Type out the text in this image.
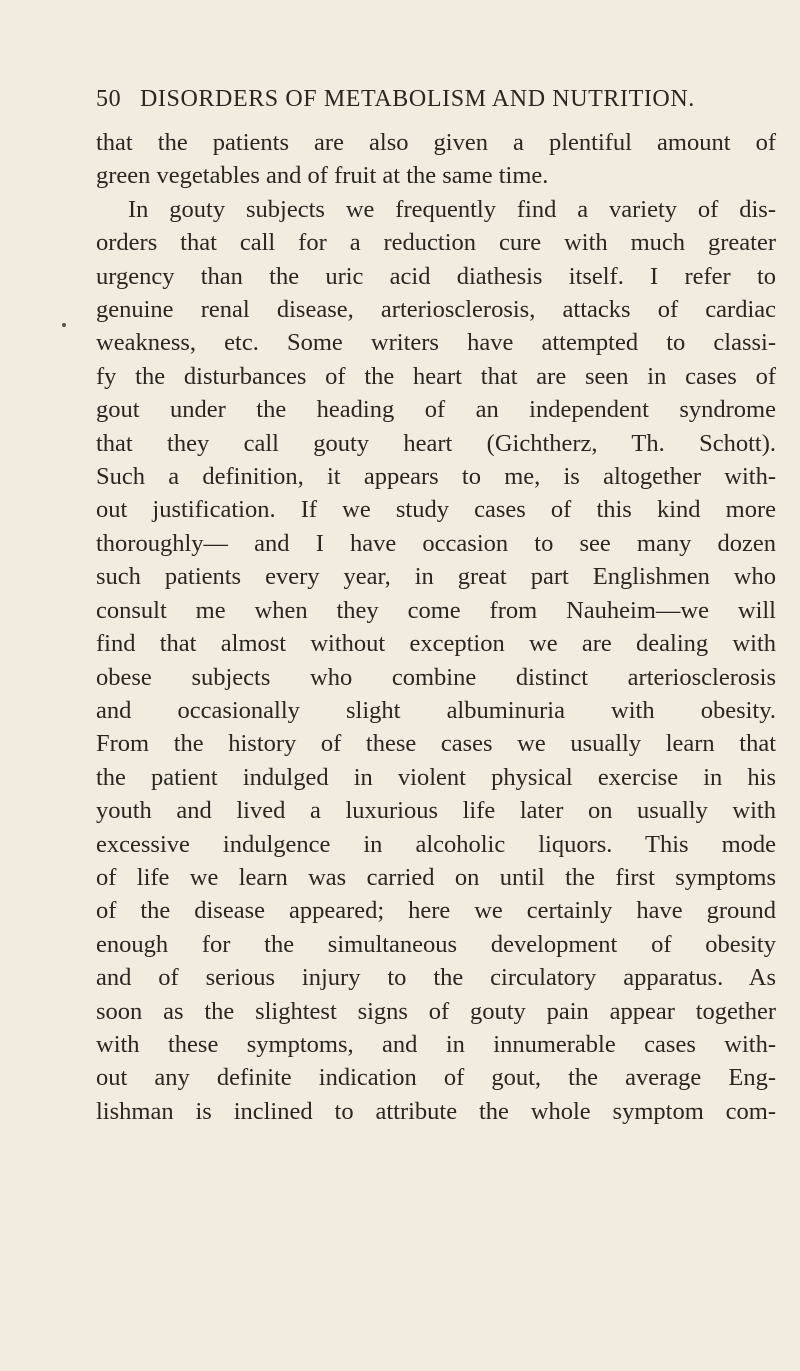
50 DISORDERS OF METABOLISM AND NUTRITION.
that the patients are also given a plentiful amount of
green vegetables and of fruit at the same time.
In gouty subjects we frequently find a variety of dis-
orders that call for a reduction cure with much greater
urgency than the uric acid diathesis itself. I refer to
genuine renal disease, arteriosclerosis, attacks of cardiac
weakness, etc. Some writers have attempted to classi-
fy the disturbances of the heart that are seen in cases of
gout under the heading of an independent syndrome
that they call gouty heart (Gichtherz, Th. Schott).
Such a definition, it appears to me, is altogether with-
out justification. If we study cases of this kind more
thoroughly— and I have occasion to see many dozen
such patients every year, in great part Englishmen who
consult me when they come from Nauheim—we will
find that almost without exception we are dealing with
obese subjects who combine distinct arteriosclerosis
and occasionally slight albuminuria with obesity.
From the history of these cases we usually learn that
the patient indulged in violent physical exercise in his
youth and lived a luxurious life later on usually with
excessive indulgence in alcoholic liquors. This mode
of life we learn was carried on until the first symptoms
of the disease appeared; here we certainly have ground
enough for the simultaneous development of obesity
and of serious injury to the circulatory apparatus. As
soon as the slightest signs of gouty pain appear together
with these symptoms, and in innumerable cases with-
out any definite indication of gout, the average Eng-
lishman is inclined to attribute the whole symptom com-
